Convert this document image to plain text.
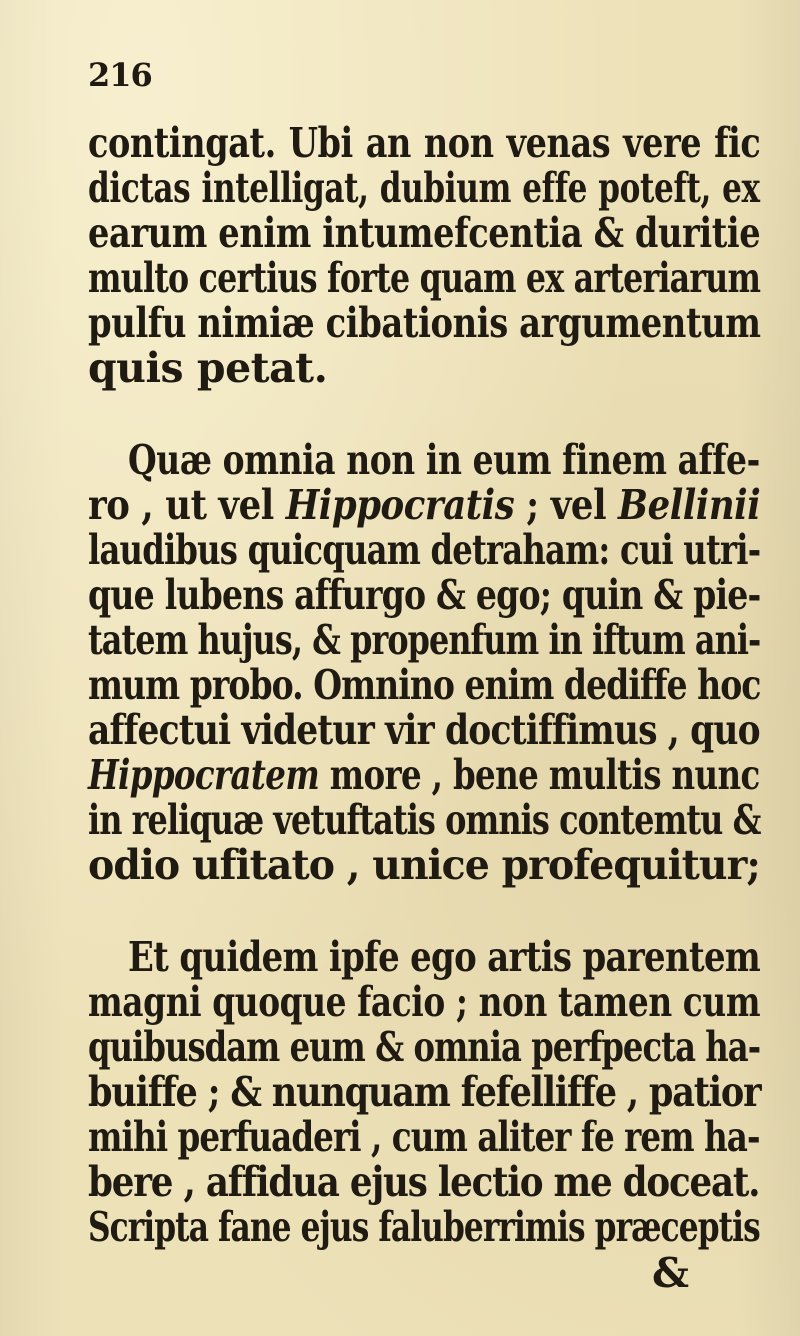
216
contingat. Ubi an non venas vere fic
dictas intelligat, dubium effe poteft, ex
earum enim intumefcentia & duritie
multo certius forte quam ex arteriarum
pulfu nimiæ cibationis argumentum
quis petat.
Quæ omnia non in eum finem affe-
ro , ut vel Hippocratis ; vel Bellinii
laudibus quicquam detraham: cui utri-
que lubens affurgo & ego; quin & pie-
tatem hujus, & propenfum in iftum ani-
mum probo. Omnino enim dediffe hoc
affectui videtur vir doctiffimus , quo
Hippocratem more , bene multis nunc
in reliquæ vetuftatis omnis contemtu &
odio ufitato , unice profequitur;
Et quidem ipfe ego artis parentem
magni quoque facio ; non tamen cum
quibusdam eum & omnia perfpecta ha-
buiffe ; & nunquam fefelliffe , patior
mihi perfuaderi , cum aliter fe rem ha-
bere , affidua ejus lectio me doceat.
Scripta fane ejus faluberrimis præceptis
&
